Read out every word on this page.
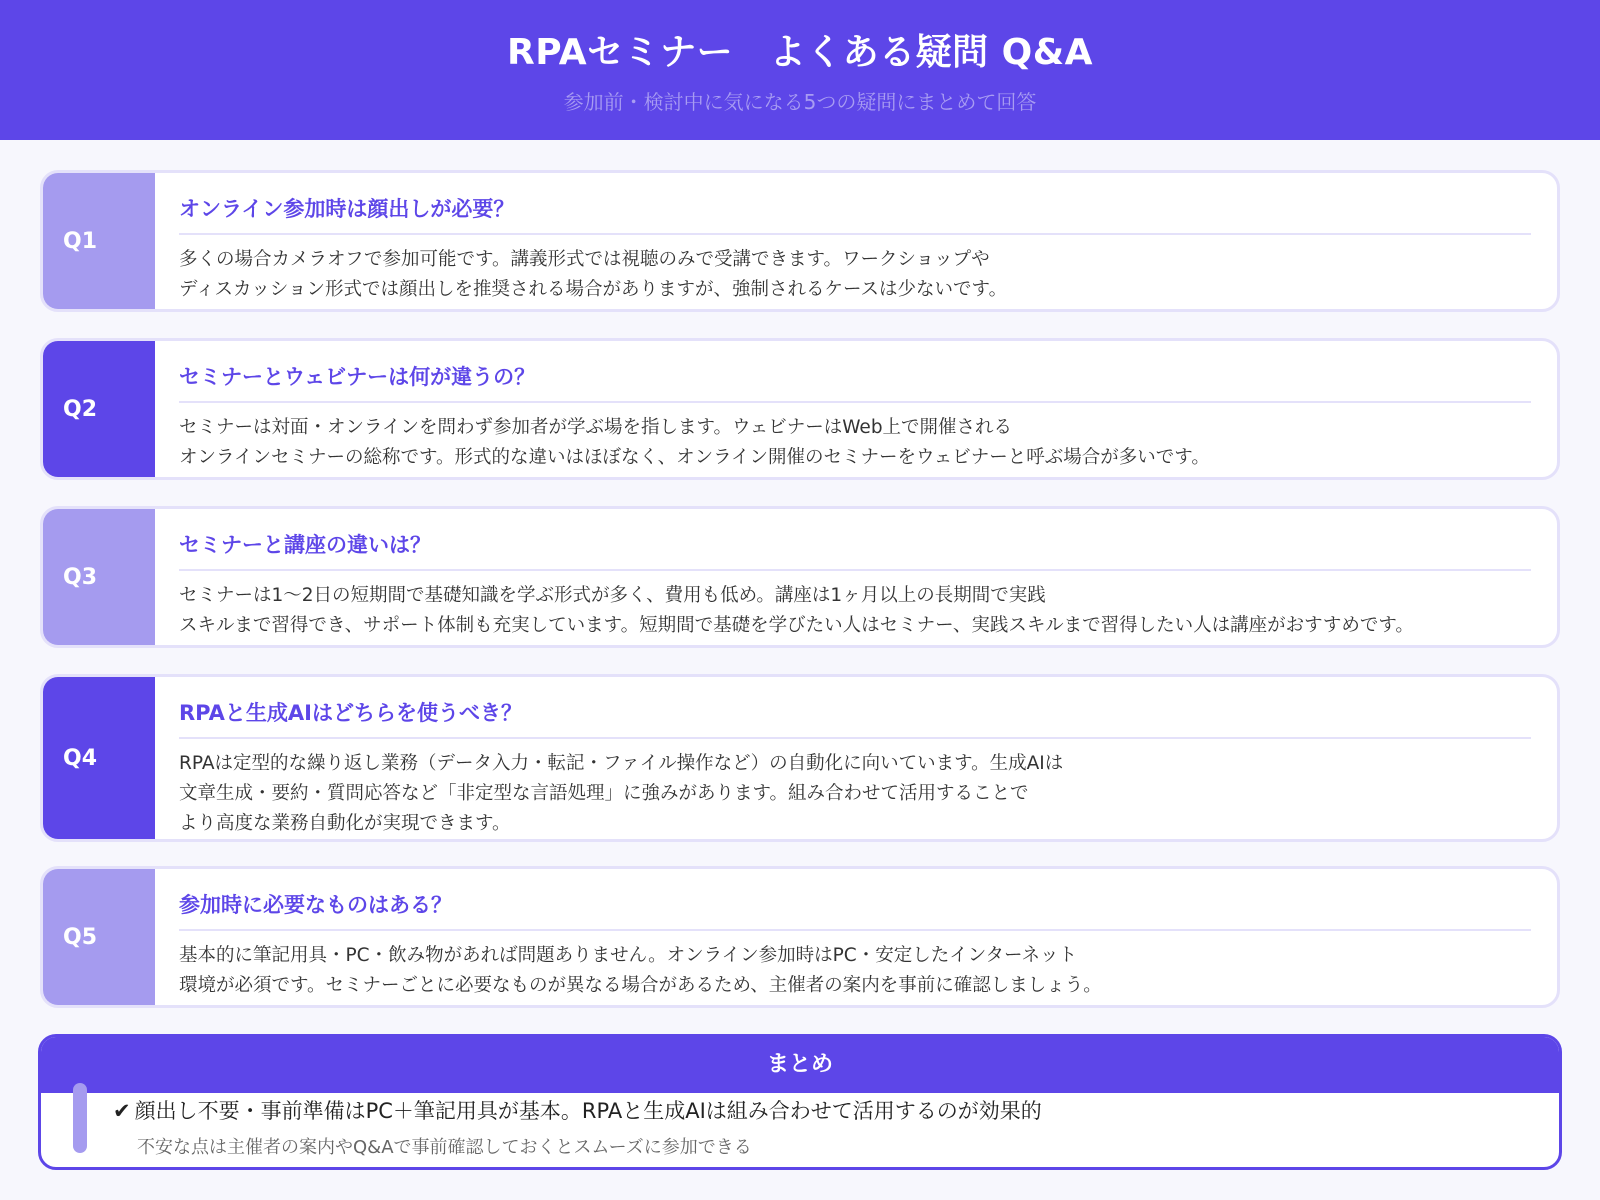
RPAセミナー　よくある疑問 Q&A
参加前・検討中に気になる5つの疑問にまとめて回答
Q1
オンライン参加時は顔出しが必要？
多くの場合カメラオフで参加可能です。講義形式では視聴のみで受講できます。ワークショップや
ディスカッション形式では顔出しを推奨される場合がありますが、強制されるケースは少ないです。
Q2
セミナーとウェビナーは何が違うの？
セミナーは対面・オンラインを問わず参加者が学ぶ場を指します。ウェビナーはWeb上で開催される
オンラインセミナーの総称です。形式的な違いはほぼなく、オンライン開催のセミナーをウェビナーと呼ぶ場合が多いです。
Q3
セミナーと講座の違いは？
セミナーは1〜2日の短期間で基礎知識を学ぶ形式が多く、費用も低め。講座は1ヶ月以上の長期間で実践
スキルまで習得でき、サポート体制も充実しています。短期間で基礎を学びたい人はセミナー、実践スキルまで習得したい人は講座がおすすめです。
Q4
RPAと生成AIはどちらを使うべき？
RPAは定型的な繰り返し業務（データ入力・転記・ファイル操作など）の自動化に向いています。生成AIは
文章生成・要約・質問応答など「非定型な言語処理」に強みがあります。組み合わせて活用することで
より高度な業務自動化が実現できます。
Q5
参加時に必要なものはある？
基本的に筆記用具・PC・飲み物があれば問題ありません。オンライン参加時はPC・安定したインターネット
環境が必須です。セミナーごとに必要なものが異なる場合があるため、主催者の案内を事前に確認しましょう。
まとめ
✔ 顔出し不要・事前準備はPC＋筆記用具が基本。RPAと生成AIは組み合わせて活用するのが効果的
不安な点は主催者の案内やQ&Aで事前確認しておくとスムーズに参加できる
